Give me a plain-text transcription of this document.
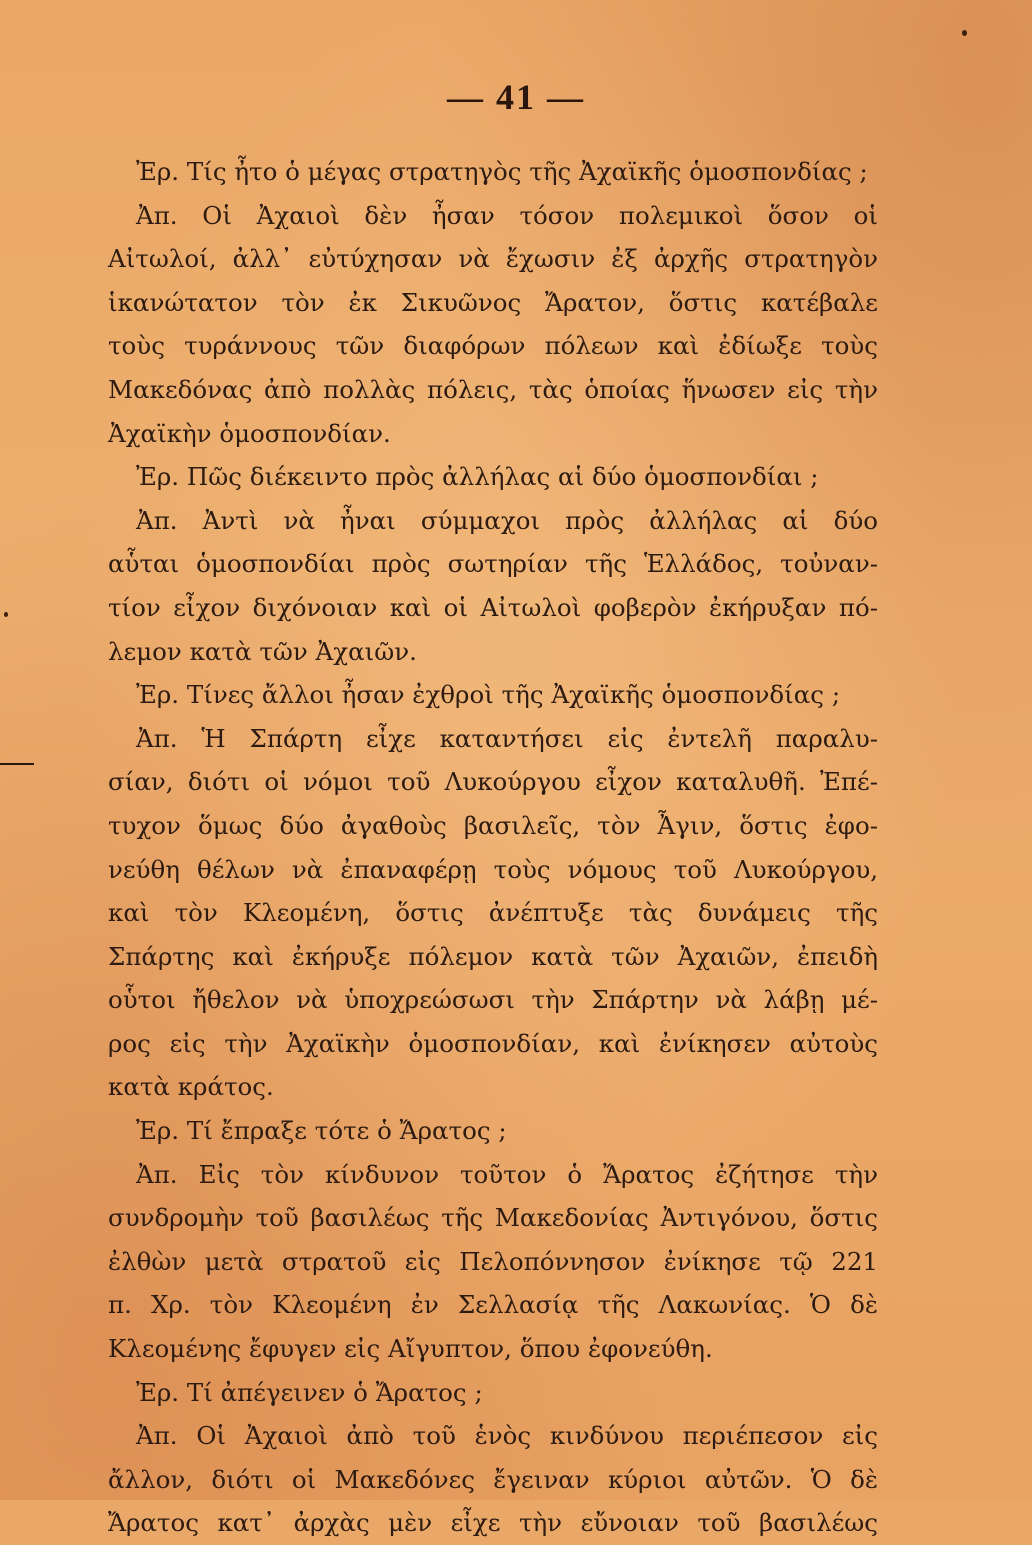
— 41 —
Ἐρ. Τίς ἦτο ὁ μέγας στρατηγὸς τῆς Ἀχαϊκῆς ὁμοσπονδίας ;
Ἀπ. Οἱ Ἀχαιοὶ δὲν ἦσαν τόσον πολεμικοὶ ὅσον οἱ
Αἰτωλοί, ἀλλ᾽ εὐτύχησαν νὰ ἔχωσιν ἐξ ἀρχῆς στρατηγὸν
ἱκανώτατον τὸν ἐκ Σικυῶνος Ἄρατον, ὅστις κατέβαλε
τοὺς τυράννους τῶν διαφόρων πόλεων καὶ ἐδίωξε τοὺς
Μακεδόνας ἀπὸ πολλὰς πόλεις, τὰς ὁποίας ἥνωσεν εἰς τὴν
Ἀχαϊκὴν ὁμοσπονδίαν.
Ἐρ. Πῶς διέκειντο πρὸς ἀλλήλας αἱ δύο ὁμοσπονδίαι ;
Ἀπ. Ἀντὶ νὰ ἦναι σύμμαχοι πρὸς ἀλλήλας αἱ δύο
αὗται ὁμοσπονδίαι πρὸς σωτηρίαν τῆς Ἑλλάδος, τοὐναν-
τίον εἶχον διχόνοιαν καὶ οἱ Αἰτωλοὶ φοβερὸν ἐκήρυξαν πό-
λεμον κατὰ τῶν Ἀχαιῶν.
Ἐρ. Τίνες ἄλλοι ἦσαν ἐχθροὶ τῆς Ἀχαϊκῆς ὁμοσπονδίας ;
Ἀπ. Ἡ Σπάρτη εἶχε καταντήσει εἰς ἐντελῆ παραλυ-
σίαν, διότι οἱ νόμοι τοῦ Λυκούργου εἶχον καταλυθῆ. Ἐπέ-
τυχον ὅμως δύο ἀγαθοὺς βασιλεῖς, τὸν Ἆγιν, ὅστις ἐφο-
νεύθη θέλων νὰ ἐπαναφέρῃ τοὺς νόμους τοῦ Λυκούργου,
καὶ τὸν Κλεομένη, ὅστις ἀνέπτυξε τὰς δυνάμεις τῆς
Σπάρτης καὶ ἐκήρυξε πόλεμον κατὰ τῶν Ἀχαιῶν, ἐπειδὴ
οὗτοι ἤθελον νὰ ὑποχρεώσωσι τὴν Σπάρτην νὰ λάβῃ μέ-
ρος εἰς τὴν Ἀχαϊκὴν ὁμοσπονδίαν, καὶ ἐνίκησεν αὐτοὺς
κατὰ κράτος.
Ἐρ. Τί ἔπραξε τότε ὁ Ἄρατος ;
Ἀπ. Εἰς τὸν κίνδυνον τοῦτον ὁ Ἄρατος ἐζήτησε τὴν
συνδρομὴν τοῦ βασιλέως τῆς Μακεδονίας Ἀντιγόνου, ὅστις
ἐλθὼν μετὰ στρατοῦ εἰς Πελοπόννησον ἐνίκησε τῷ 221
π. Χρ. τὸν Κλεομένη ἐν Σελλασίᾳ τῆς Λακωνίας. Ὁ δὲ
Κλεομένης ἔφυγεν εἰς Αἴγυπτον, ὅπου ἐφονεύθη.
Ἐρ. Τί ἀπέγεινεν ὁ Ἄρατος ;
Ἀπ. Οἱ Ἀχαιοὶ ἀπὸ τοῦ ἑνὸς κινδύνου περιέπεσον εἰς
ἄλλον, διότι οἱ Μακεδόνες ἔγειναν κύριοι αὐτῶν. Ὁ δὲ
Ἄρατος κατ᾽ ἀρχὰς μὲν εἶχε τὴν εὔνοιαν τοῦ βασιλέως
